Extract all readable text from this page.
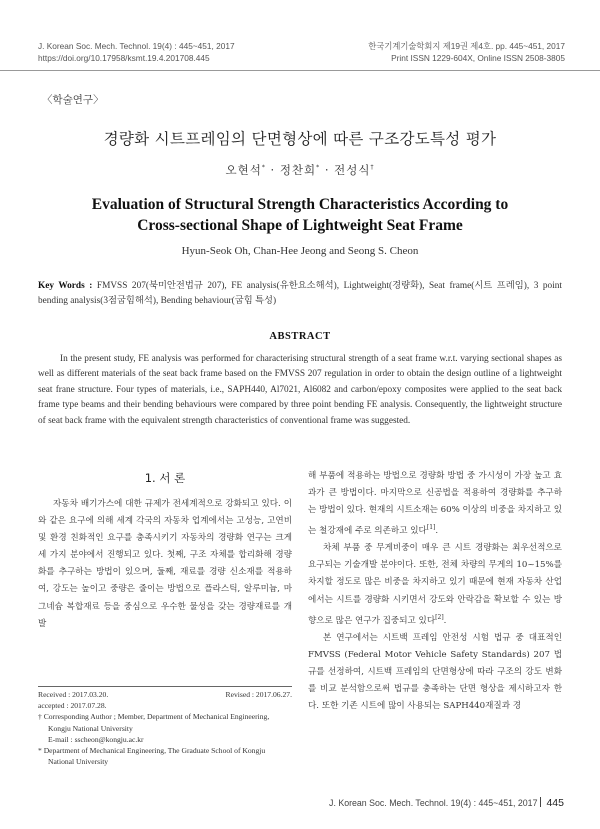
J. Korean Soc. Mech. Technol. 19(4) : 445~451, 2017
https://doi.org/10.17958/ksmt.19.4.201708.445
한국기계기술학회지 제19권 제4호. pp. 445~451, 2017
Print ISSN 1229-604X, Online ISSN 2508-3805
〈학술연구〉
경량화 시트프레임의 단면형상에 따른 구조강도특성 평가
오현석* · 정찬희* · 전성식†
Evaluation of Structural Strength Characteristics According to
Cross-sectional Shape of Lightweight Seat Frame
Hyun-Seok Oh, Chan-Hee Jeong and Seong S. Cheon
Key Words : FMVSS 207(북미안전법규 207), FE analysis(유한요소해석), Lightweight(경량화), Seat frame(시트 프레임), 3 point bending analysis(3점굽힘해석), Bending behaviour(굽힘 특성)
ABSTRACT
In the present study, FE analysis was performed for characterising structural strength of a seat frame w.r.t. varying sectional shapes as well as different materials of the seat back frame based on the FMVSS 207 regulation in order to obtain the design outline of a lightweight seat frane structure. Four types of materials, i.e., SAPH440, Al7021, Al6082 and carbon/epoxy composites were applied to the seat back frame type beams and their bending behaviours were compared by three point bending FE analysis. Consequently, the lightweight structure of seat back frame with the equivalent strength characteristics of conventional frame was suggested.
1. 서 론

자동차 배기가스에 대한 규제가 전세계적으로 강화되고 있다. 이와 같은 요구에 의해 세계 각국의 자동차 업계에서는 고성능, 고연비 및 환경 친화적인 요구를 충족시키기 자동차의 경량화 연구는 크게 세 가지 분야에서 진행되고 있다. 첫째, 구조 자체를 합리화해 경량화를 추구하는 방법이 있으며, 둘째, 재료를 경량 신소재를 적용하여, 강도는 높이고 중량은 줄이는 방법으로 플라스틱, 알루미늄, 마그네슘 복합재료 등을 중심으로 우수한 물성을 갖는 경량재료를 개발

해 부품에 적용하는 방법으로 경량화 방법 중 가시성이 가장 높고 효과가 큰 방법이다. 마지막으로 신공법을 적용하여 경량화를 추구하는 방법이 있다. 현재의 시트소재는 60% 이상의 비중을 차지하고 있는 철강재에 주로 의존하고 있다[1].

차체 부품 중 무게비중이 매우 큰 시트 경량화는 최우선적으로 요구되는 기술개발 분야이다. 또한, 전체 차량의 무게의 10~15%를 차지할 정도로 많은 비중을 차지하고 있기 때문에 현재 자동차 산업에서는 시트를 경량화 시키면서 강도와 안락감을 확보할 수 있는 방향으로 많은 연구가 집중되고 있다[2].

본 연구에서는 시트백 프레임 안전성 시험 법규 중 대표적인 FMVSS (Federal Motor Vehicle Safety Standards) 207 법규를 선정하여, 시트백 프레임의 단면형상에 따라 구조의 강도 변화를 비교 분석함으로써 법규를 충족하는 단면 형상을 제시하고자 한다. 또한 기존 시트에 많이 사용되는 SAPH440재질과 경

Received : 2017.03.20.	Revised : 2017.06.27.
accepted : 2017.07.28.
† Corresponding Author ; Member, Department of Mechanical Engineering, Kongju National University
E-mail : sscheon@kongju.ac.kr
* Department of Mechanical Engineering, The Graduate School of Kongju National University
J. Korean Soc. Mech. Technol. 19(4) : 445~451, 2017 445
